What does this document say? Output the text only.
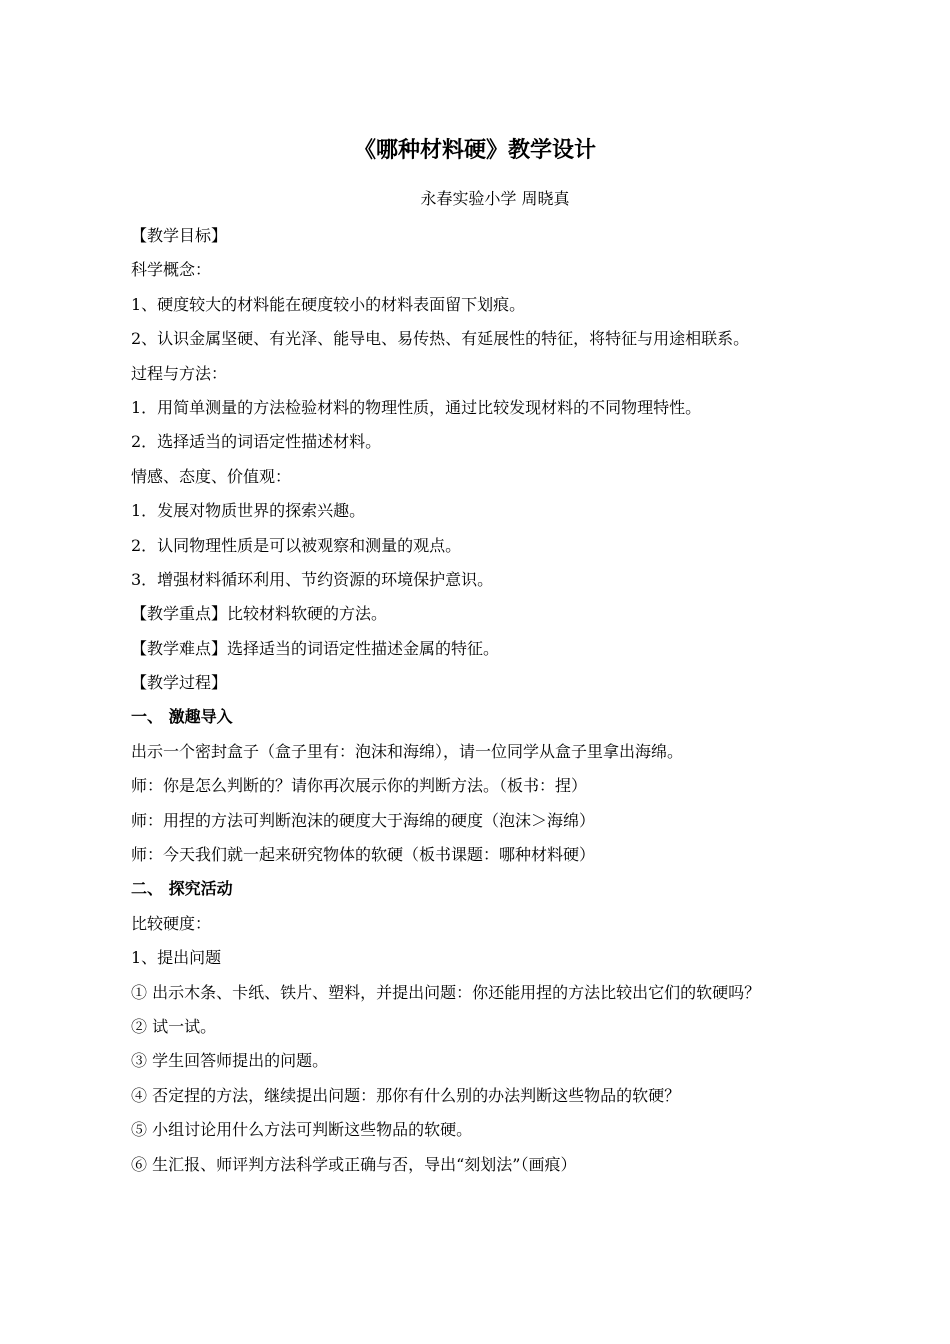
《哪种材料硬》教学设计

永春实验小学 周晓真

【教学目标】
科学概念：
1、硬度较大的材料能在硬度较小的材料表面留下划痕。
2、认识金属坚硬、有光泽、能导电、易传热、有延展性的特征，将特征与用途相联系。
过程与方法：
1．用简单测量的方法检验材料的物理性质，通过比较发现材料的不同物理特性。
2．选择适当的词语定性描述材料。
情感、态度、价值观：
1．发展对物质世界的探索兴趣。
2．认同物理性质是可以被观察和测量的观点。
3．增强材料循环利用、节约资源的环境保护意识。
【教学重点】比较材料软硬的方法。
【教学难点】选择适当的词语定性描述金属的特征。
【教学过程】
一、 激趣导入
出示一个密封盒子（盒子里有：泡沫和海绵），请一位同学从盒子里拿出海绵。
师：你是怎么判断的？请你再次展示你的判断方法。（板书：捏）
师：用捏的方法可判断泡沫的硬度大于海绵的硬度（泡沫＞海绵）
师：今天我们就一起来研究物体的软硬（板书课题：哪种材料硬）
二、 探究活动
比较硬度：
1、提出问题
① 出示木条、卡纸、铁片、塑料，并提出问题：你还能用捏的方法比较出它们的软硬吗？
② 试一试。
③ 学生回答师提出的问题。
④ 否定捏的方法，继续提出问题：那你有什么别的办法判断这些物品的软硬？
⑤ 小组讨论用什么方法可判断这些物品的软硬。
⑥ 生汇报、师评判方法科学或正确与否，导出“刻划法”（画痕）
